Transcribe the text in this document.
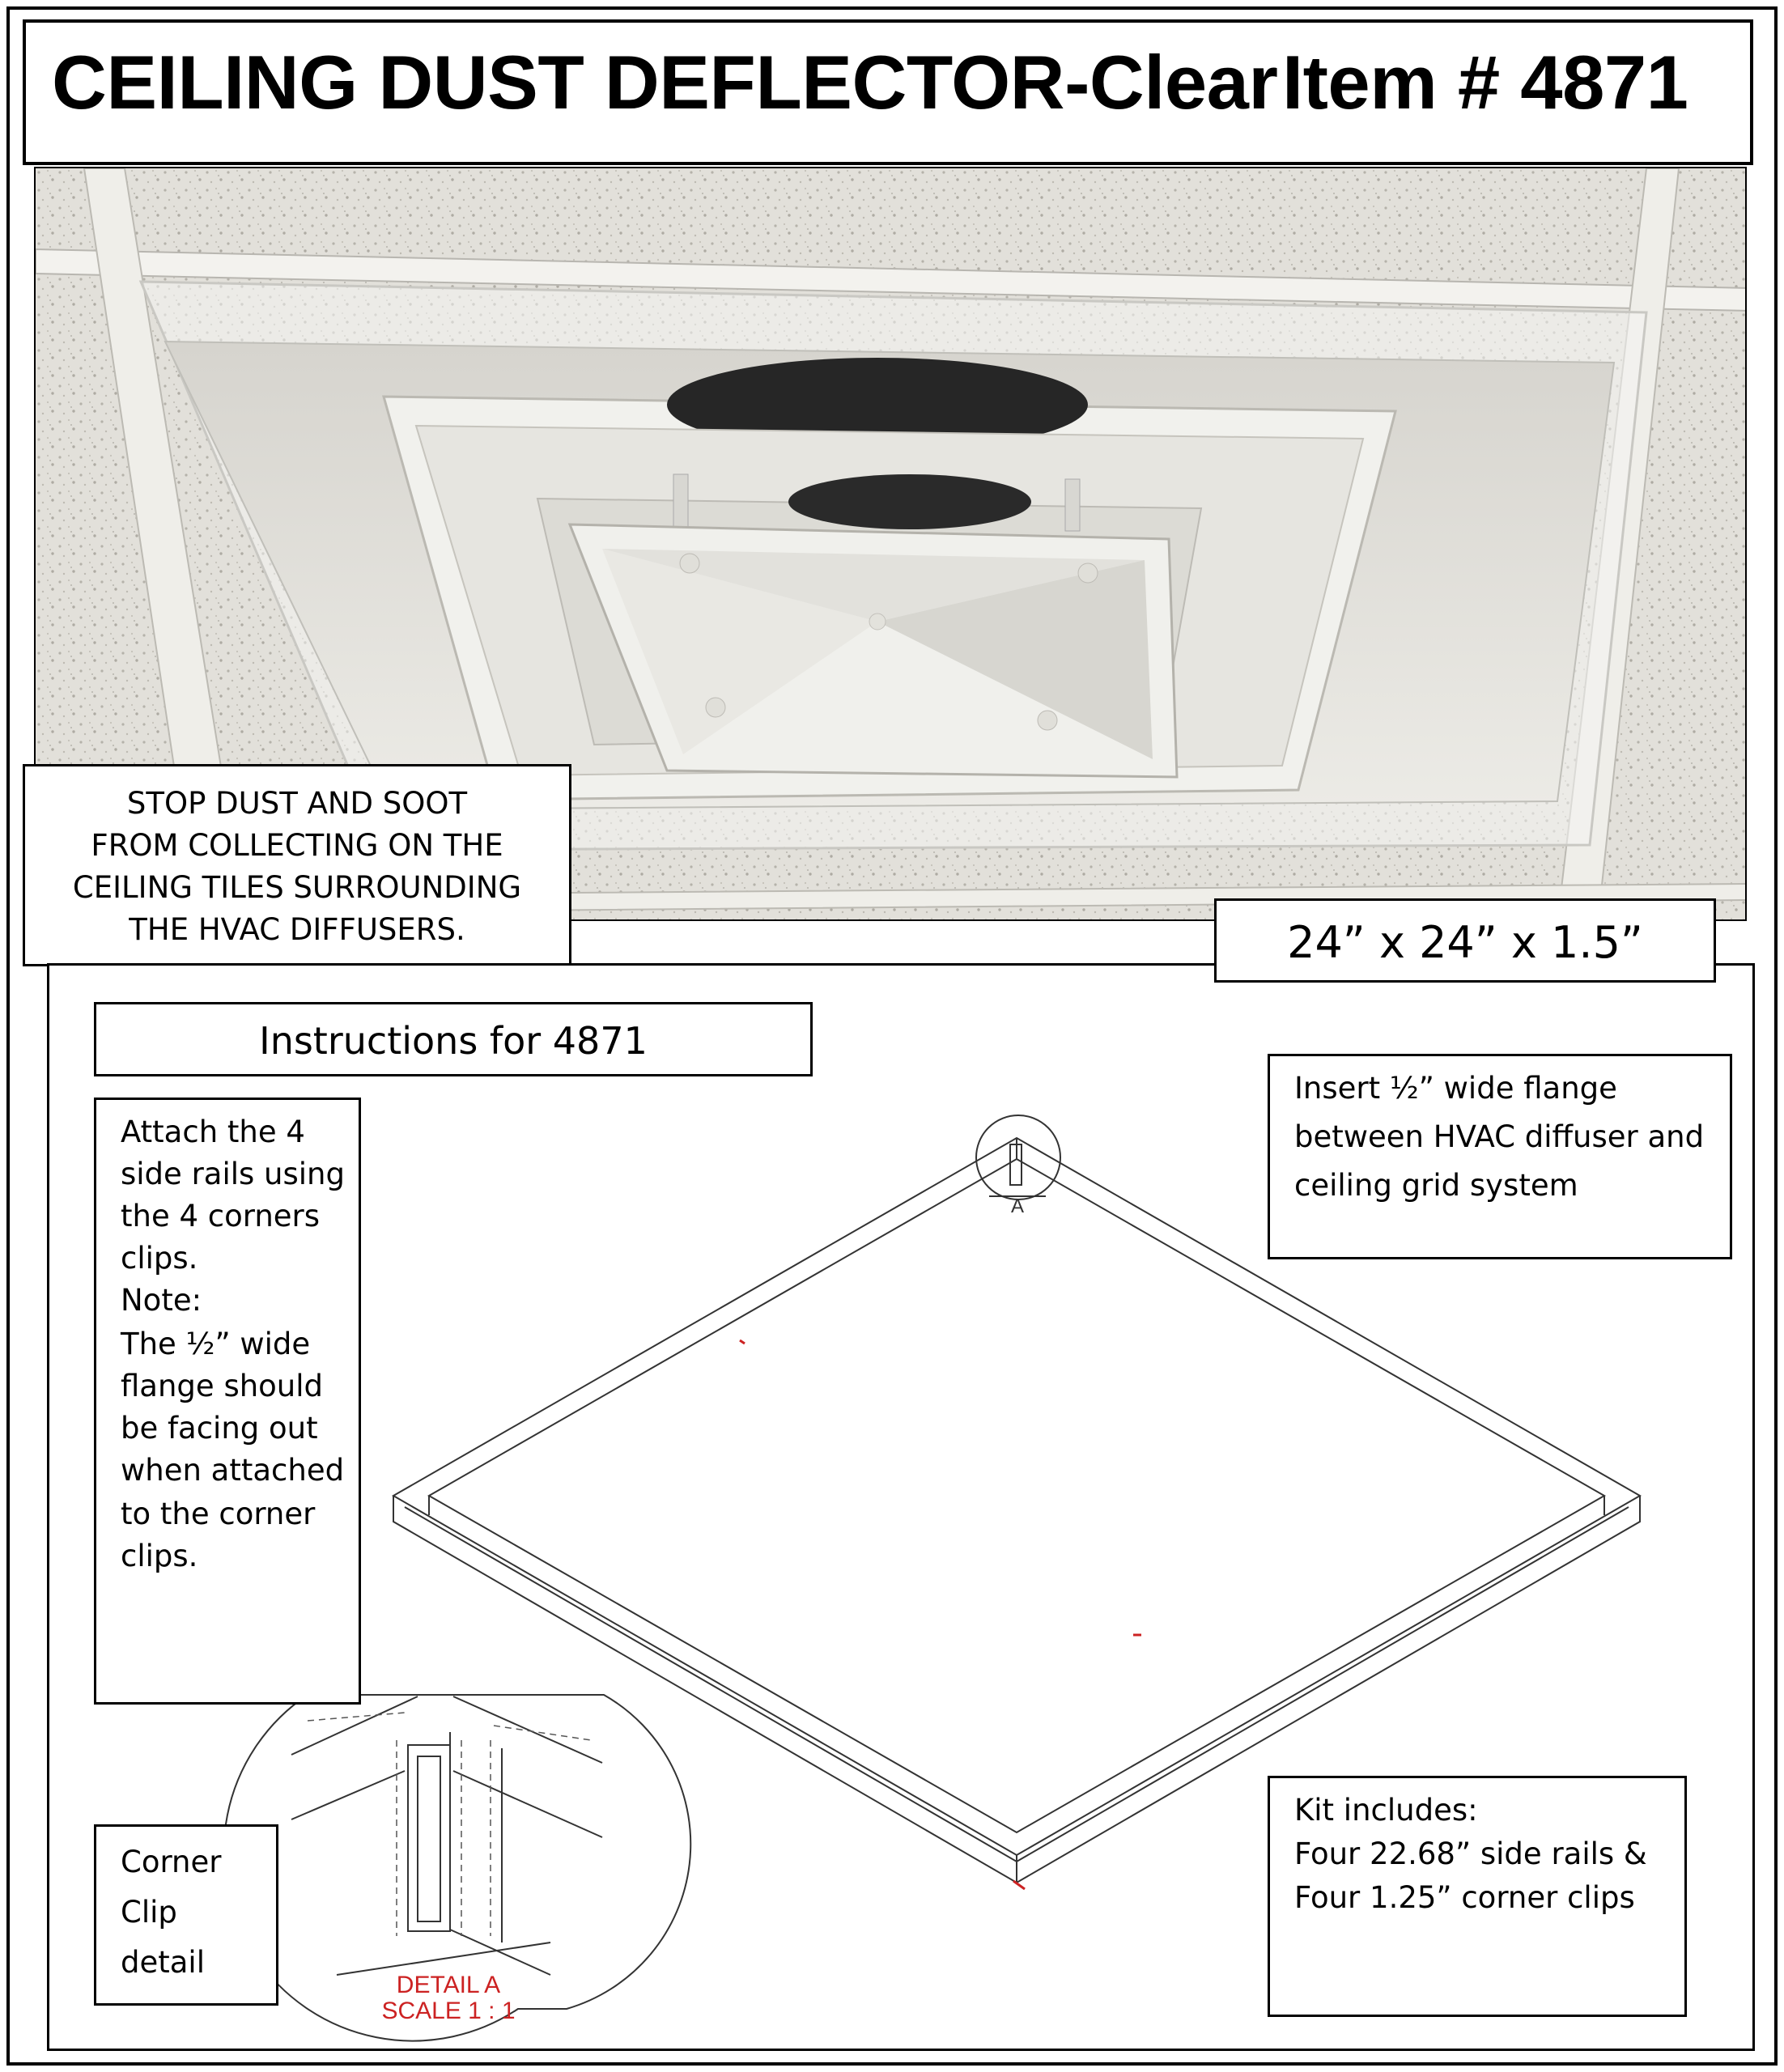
CEILING DUST DEFLECTOR-Clear Item # 4871
STOP DUST AND SOOT
FROM COLLECTING ON THE
CEILING TILES SURROUNDING
THE HVAC DIFFUSERS.	24” x 24” x 1.5”
A
DETAIL A
SCALE 1 : 1
Instructions for 4871
Attach the 4
side rails using
the 4 corners
clips.
Note:
The ½” wide
flange should
be facing out
when attached
to the corner
clips.
Insert ½” wide flange
between HVAC diffuser and
ceiling grid system
Corner
Clip
detail
Kit includes:
Four 22.68” side rails &
Four 1.25” corner clips
